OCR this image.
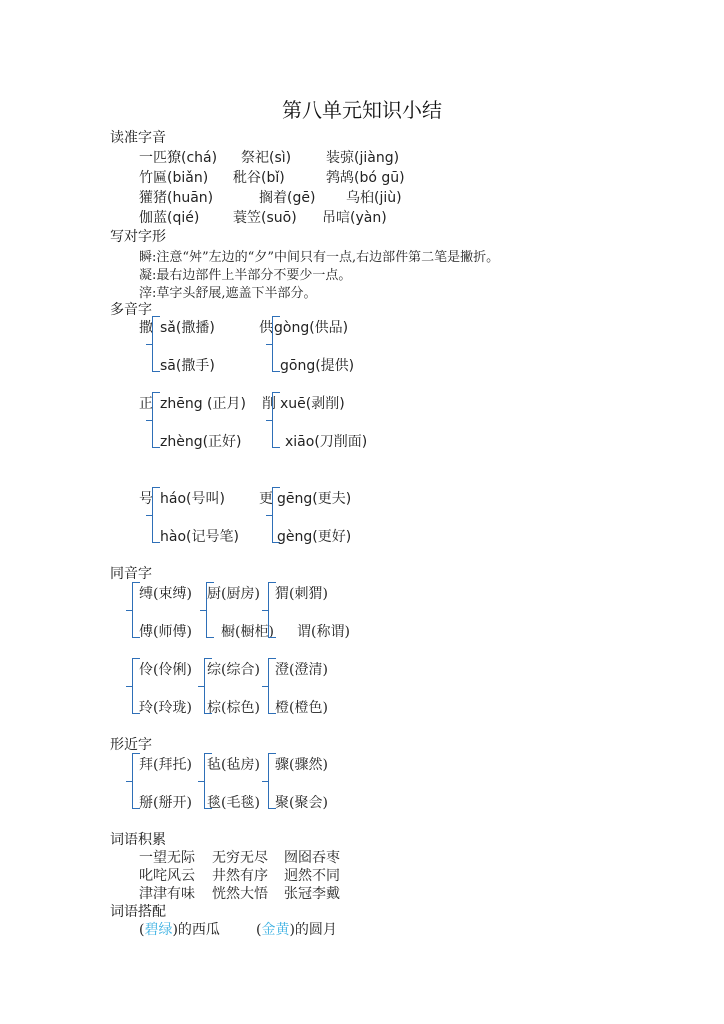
第八单元知识小结
读准字音
一匹獠(chá) 祭祀(sì) 装弶(jiàng)
竹匾(biǎn) 秕谷(bǐ)	鹁鸪(bó gū)
獾猪(huān)	搁着(gē) 乌桕(jiù)
伽蓝(qié) 蓑笠(suō) 吊唁(yàn)
写对字形
瞬:注意“舛”左边的“夕”中间只有一点,右边部件第二笔是撇折。
凝:最右边部件上半部分不要少一点。
滓:草字头舒展,遮盖下半部分。
多音字
撒 sǎ(撒播)
sā(撒手)
供 gòng(供品)
gōng(提供)
正 zhēng (正月)
zhèng(正好)
削 xuē(剥削)
xiāo(刀削面)
号 háo(号叫)
hào(记号笔)
更 gēng(更夫)
gèng(更好)
同音字
缚(束缚)
傅(师傅)
厨(厨房)
橱(橱柜)
猬(刺猬)
谓(称谓)
伶(伶俐)
玲(玲珑)
综(综合)
棕(棕色)
澄(澄清)
橙(橙色)
形近字
拜(拜托)
掰(掰开)
毡(毡房)
毯(毛毯)
骤(骤然)
聚(聚会)
词语积累
一望无际 无穷无尽 囫囵吞枣
叱咤风云 井然有序 迥然不同
津津有味 恍然大悟 张冠李戴
词语搭配
(碧绿)的西瓜	(金黄)的圆月
